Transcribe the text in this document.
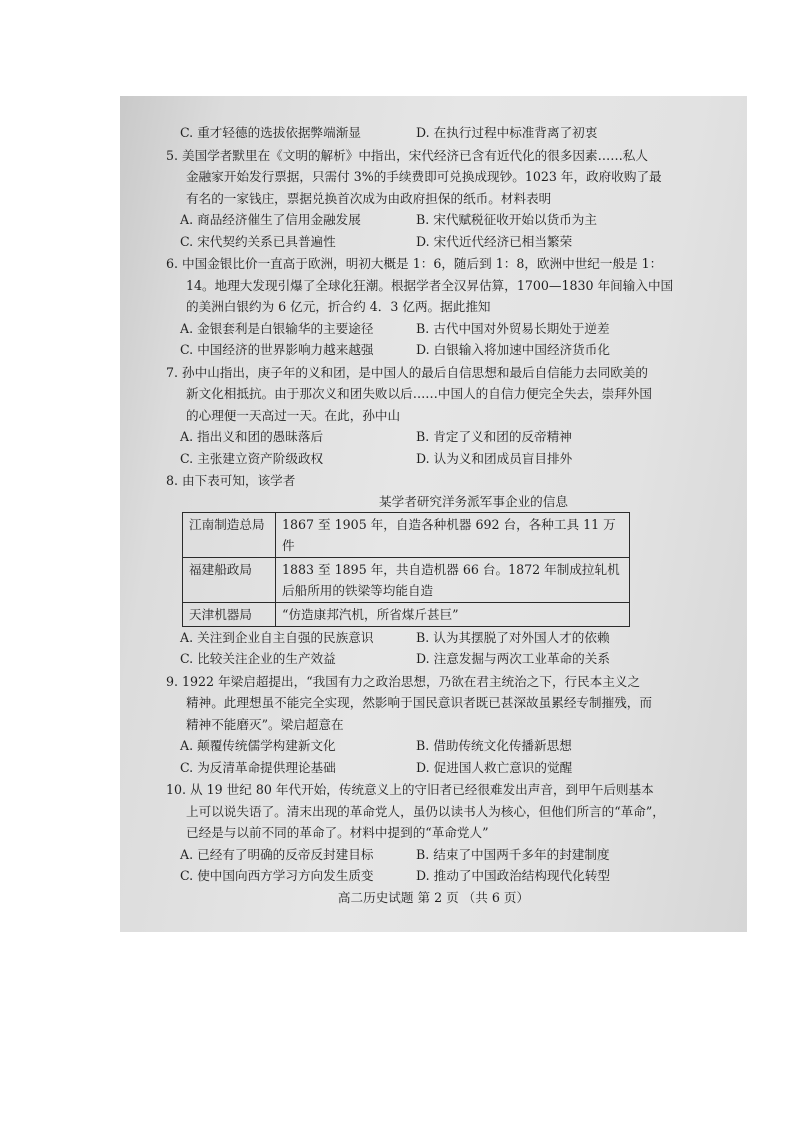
C. 重才轻德的选拔依据弊端渐显	D. 在执行过程中标准背离了初衷
5. 美国学者默里在《文明的解析》中指出，宋代经济已含有近代化的很多因素……私人
金融家开始发行票据，只需付 3%的手续费即可兑换成现钞。1023 年，政府收购了最
有名的一家钱庄，票据兑换首次成为由政府担保的纸币。材料表明
A. 商品经济催生了信用金融发展	B. 宋代赋税征收开始以货币为主
C. 宋代契约关系已具普遍性	D. 宋代近代经济已相当繁荣
6. 中国金银比价一直高于欧洲，明初大概是 1：6，随后到 1：8，欧洲中世纪一般是 1：
14。地理大发现引爆了全球化狂潮。根据学者全汉昇估算，1700—1830 年间输入中国
的美洲白银约为 6 亿元，折合约 4．3 亿两。据此推知
A. 金银套利是白银输华的主要途径	B. 古代中国对外贸易长期处于逆差
C. 中国经济的世界影响力越来越强	D. 白银输入将加速中国经济货币化
7. 孙中山指出，庚子年的义和团，是中国人的最后自信思想和最后自信能力去同欧美的
新文化相抵抗。由于那次义和团失败以后……中国人的自信力便完全失去，崇拜外国
的心理便一天高过一天。在此，孙中山
A. 指出义和团的愚昧落后	B. 肯定了义和团的反帝精神
C. 主张建立资产阶级政权	D. 认为义和团成员盲目排外
8. 由下表可知，该学者
某学者研究洋务派军事企业的信息
江南制造总局	1867 至 1905 年，自造各种机器 692 台，各种工具 11 万件
福建船政局	1883 至 1895 年，共自造机器 66 台。1872 年制成拉轧机后船所用的铁梁等均能自造
天津机器局	“仿造康邦汽机，所省煤斤甚巨”
A. 关注到企业自主自强的民族意识	B. 认为其摆脱了对外国人才的依赖
C. 比较关注企业的生产效益	D. 注意发掘与两次工业革命的关系
9. 1922 年梁启超提出，“我国有力之政治思想，乃欲在君主统治之下，行民本主义之
精神。此理想虽不能完全实现，然影响于国民意识者既已甚深故虽累经专制摧残，而
精神不能磨灭”。梁启超意在
A. 颠覆传统儒学构建新文化	B. 借助传统文化传播新思想
C. 为反清革命提供理论基础	D. 促进国人救亡意识的觉醒
10. 从 19 世纪 80 年代开始，传统意义上的守旧者已经很难发出声音，到甲午后则基本
上可以说失语了。清末出现的革命党人，虽仍以读书人为核心，但他们所言的“革命”，
已经是与以前不同的革命了。材料中提到的“革命党人”
A. 已经有了明确的反帝反封建目标	B. 结束了中国两千多年的封建制度
C. 使中国向西方学习方向发生质变	D. 推动了中国政治结构现代化转型
高二历史试题 第 2 页 （共 6 页）
